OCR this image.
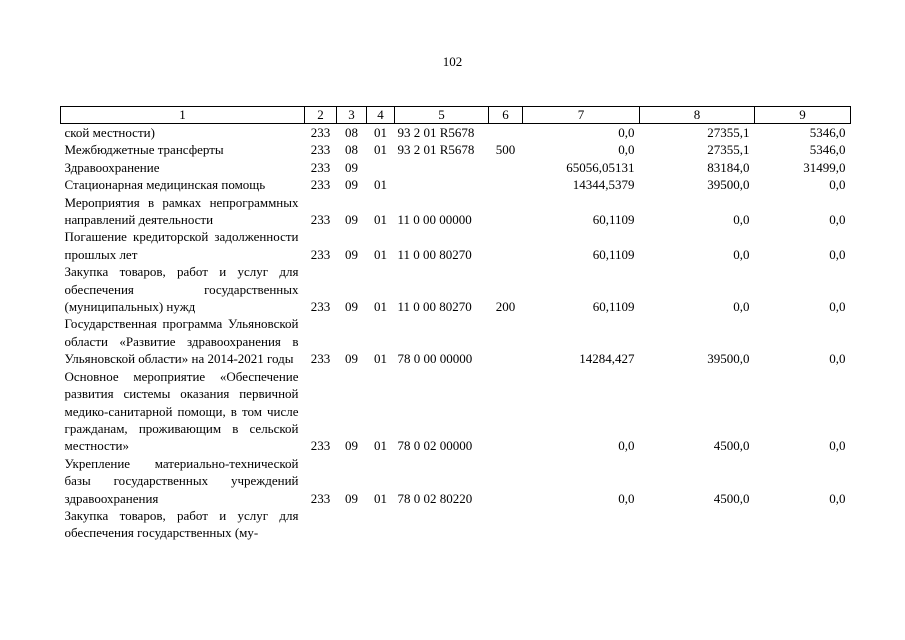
102
1	2	3	4	5	6	7	8	9
ской местности)	233	08	01	93 2 01 R5678		0,0	27355,1	5346,0
Межбюджетные трансферты	233	08	01	93 2 01 R5678	500	0,0	27355,1	5346,0
Здравоохранение	233	09				65056,05131	83184,0	31499,0
Стационарная медицинская помощь	233	09	01			14344,5379	39500,0	0,0
Мероприятия в рамках непрограммных направлений деятельности	233	09	01	11 0 00 00000		60,1109	0,0	0,0
Погашение кредиторской задолженности прошлых лет	233	09	01	11 0 00 80270		60,1109	0,0	0,0
Закупка товаров, работ и услуг для обеспечения государственных (муниципальных) нужд	233	09	01	11 0 00 80270	200	60,1109	0,0	0,0
Государственная программа Ульяновской области «Развитие здравоохранения в Ульяновской области» на 2014-2021 годы	233	09	01	78 0 00 00000		14284,427	39500,0	0,0
Основное мероприятие «Обеспечение развития системы оказания первичной медико-санитарной помощи, в том числе гражданам, проживающим в сельской местности»	233	09	01	78 0 02 00000		0,0	4500,0	0,0
Укрепление материально-технической базы государственных учреждений здравоохранения	233	09	01	78 0 02 80220		0,0	4500,0	0,0
Закупка товаров, работ и услуг для обеспечения государственных (му-								
